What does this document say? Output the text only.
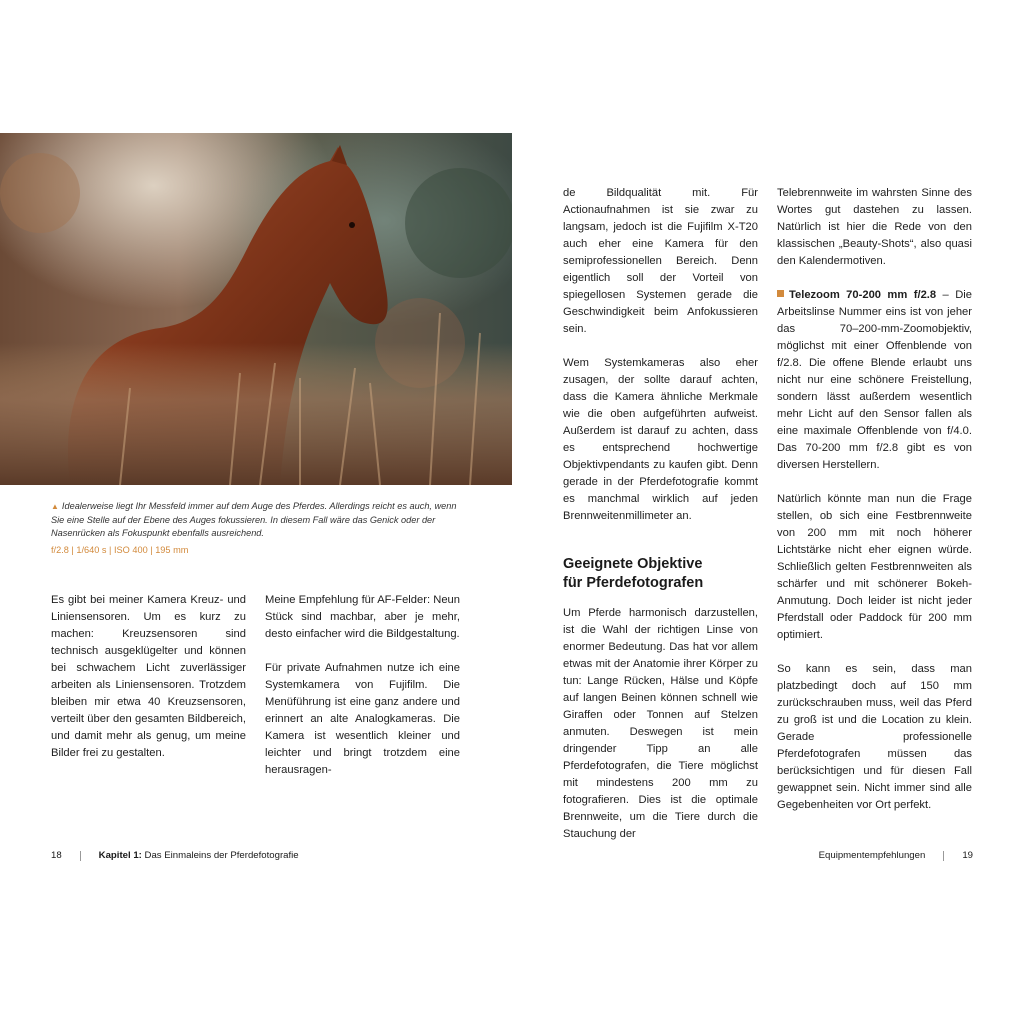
▲ Idealerweise liegt Ihr Messfeld immer auf dem Auge des Pferdes. Allerdings reicht es auch, wenn Sie eine Stelle auf der Ebene des Auges fokussieren. In diesem Fall wäre das Genick oder der Nasenrücken als Fokuspunkt ebenfalls ausreichend.

f/2.8 | 1/640 s | ISO 400 | 195 mm

Es gibt bei meiner Kamera Kreuz- und Liniensensoren. Um es kurz zu machen: Kreuzsensoren sind technisch ausgeklügelter und können bei schwachem Licht zuverlässiger arbeiten als Liniensensoren. Trotzdem bleiben mir etwa 40 Kreuzsensoren, verteilt über den gesamten Bildbereich, und damit mehr als genug, um meine Bilder frei zu gestalten.

Meine Empfehlung für AF-Felder: Neun Stück sind machbar, aber je mehr, desto einfacher wird die Bildgestaltung.

Für private Aufnahmen nutze ich eine Systemkamera von Fujifilm. Die Menüführung ist eine ganz andere und erinnert an alte Analogkameras. Die Kamera ist wesentlich kleiner und leichter und bringt trotzdem eine herausragen-

de Bildqualität mit. Für Actionaufnahmen ist sie zwar zu langsam, jedoch ist die Fujifilm X-T20 auch eher eine Kamera für den semiprofessionellen Bereich. Denn eigentlich soll der Vorteil von spiegellosen Systemen gerade die Geschwindigkeit beim Anfokussieren sein.

Wem Systemkameras also eher zusagen, der sollte darauf achten, dass die Kamera ähnliche Merkmale wie die oben aufgeführten aufweist. Außerdem ist darauf zu achten, dass es entsprechend hochwertige Objektivpendants zu kaufen gibt. Denn gerade in der Pferdefotografie kommt es manchmal wirklich auf jeden Brennweitenmillimeter an.

Geeignete Objektive
für Pferdefotografen

Um Pferde harmonisch darzustellen, ist die Wahl der richtigen Linse von enormer Bedeutung. Das hat vor allem etwas mit der Anatomie ihrer Körper zu tun: Lange Rücken, Hälse und Köpfe auf langen Beinen können schnell wie Giraffen oder Tonnen auf Stelzen anmuten. Deswegen ist mein dringender Tipp an alle Pferdefotografen, die Tiere möglichst mit mindestens 200 mm zu fotografieren. Dies ist die optimale Brennweite, um die Tiere durch die Stauchung der

Telebrennweite im wahrsten Sinne des Wortes gut dastehen zu lassen. Natürlich ist hier die Rede von den klassischen „Beauty-Shots“, also quasi den Kalendermotiven.

Telezoom 70-200 mm f/2.8 – Die Arbeitslinse Nummer eins ist von jeher das 70–200-mm-Zoomobjektiv, möglichst mit einer Offenblende von f/2.8. Die offene Blende erlaubt uns nicht nur eine schönere Freistellung, sondern lässt außerdem wesentlich mehr Licht auf den Sensor fallen als eine maximale Offenblende von f/4.0. Das 70-200 mm f/2.8 gibt es von diversen Herstellern.

Natürlich könnte man nun die Frage stellen, ob sich eine Festbrennweite von 200 mm mit noch höherer Lichtstärke nicht eher eignen würde. Schließlich gelten Festbrennweiten als schärfer und mit schönerer Bokeh-Anmutung. Doch leider ist nicht jeder Pferdstall oder Paddock für 200 mm optimiert.

So kann es sein, dass man platzbedingt doch auf 150 mm zurückschrauben muss, weil das Pferd zu groß ist und die Location zu klein. Gerade professionelle Pferdefotografen müssen das berücksichtigen und für diesen Fall gewappnet sein. Nicht immer sind alle Gegebenheiten vor Ort perfekt.

18	Kapitel 1: Das Einmaleins der Pferdefotografie	Equipmentempfehlungen	19
